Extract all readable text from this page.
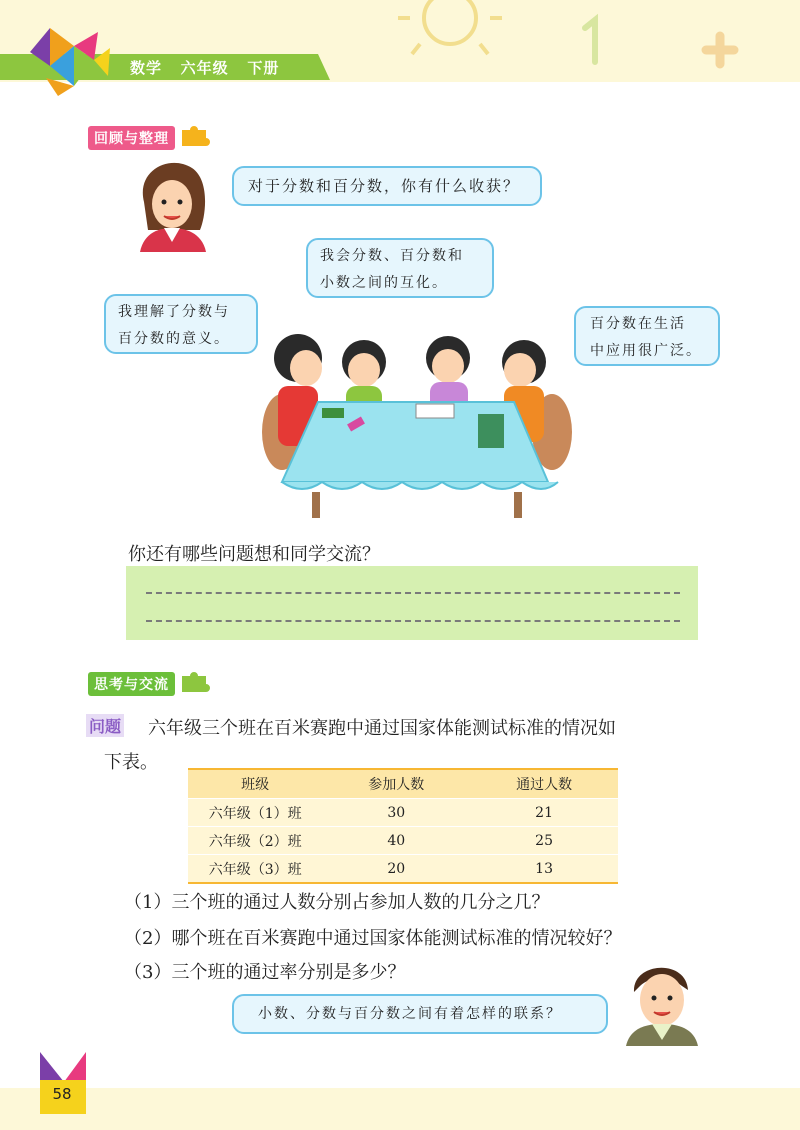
数学   六年级   下册
回顾与整理
对于分数和百分数，你有什么收获？
我理解了分数与
百分数的意义。
我会分数、百分数和
小数之间的互化。
百分数在生活
中应用很广泛。
你还有哪些问题想和同学交流？
思考与交流
问题 六年级三个班在百米赛跑中通过国家体能测试标准的情况如
下表。
班级	参加人数	通过人数
六年级（1）班	30	21
六年级（2）班	40	25
六年级（3）班	20	13
（1）三个班的通过人数分别占参加人数的几分之几？
（2）哪个班在百米赛跑中通过国家体能测试标准的情况较好？
（3）三个班的通过率分别是多少？
小数、分数与百分数之间有着怎样的联系？
58
